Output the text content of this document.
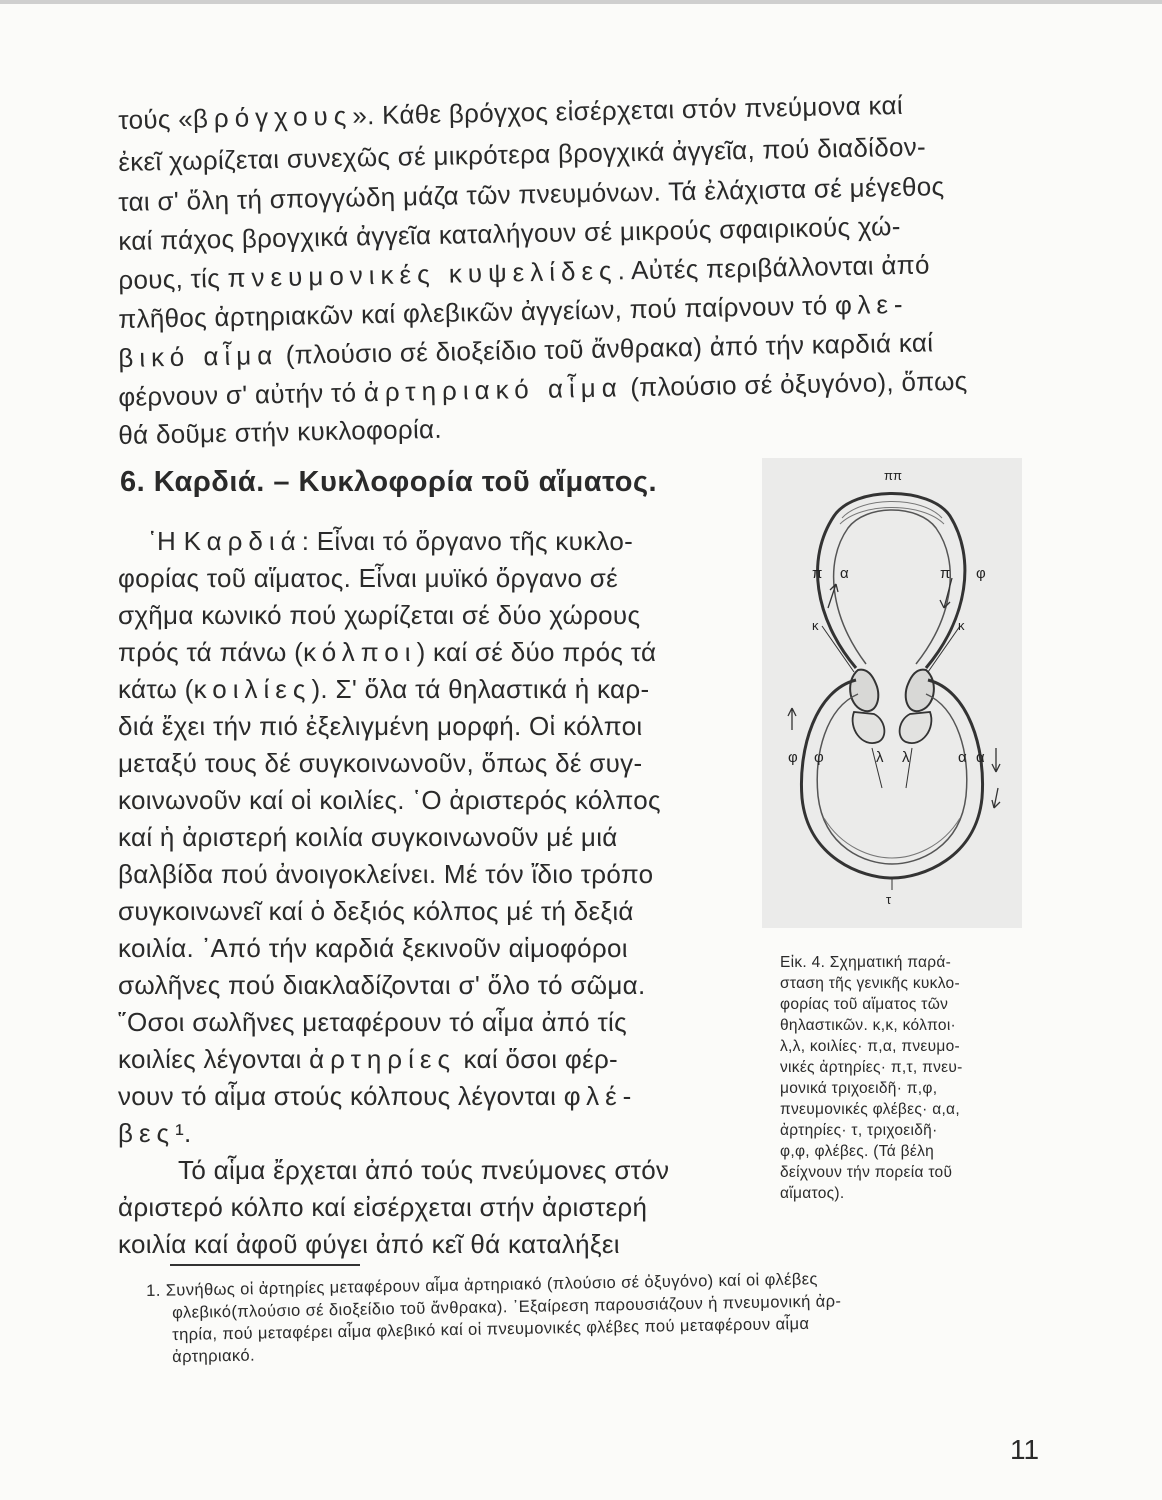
τούς «βρόγχους». Κάθε βρόγχος εἰσέρχεται στόν πνεύμονα καί
ἐκεῖ χωρίζεται συνεχῶς σέ μικρότερα βρογχικά ἀγγεῖα, πού διαδίδον-
ται σ' ὅλη τή σπογγώδη μάζα τῶν πνευμόνων. Τά ἐλάχιστα σέ μέγεθος
καί πάχος βρογχικά ἀγγεῖα καταλήγουν σέ μικρούς σφαιρικούς χώ-
ρους, τίς πνευμονικές κυψελίδες. Αὐτές περιβάλλονται ἀπό
πλῆθος ἀρτηριακῶν καί φλεβικῶν ἀγγείων, πού παίρνουν τό φλε-
βικό αἷμα (πλούσιο σέ διοξείδιο τοῦ ἄνθρακα) ἀπό τήν καρδιά καί
φέρνουν σ' αὐτήν τό ἀρτηριακό αἷμα (πλούσιο σέ ὀξυγόνο), ὅπως
θά δοῦμε στήν κυκλοφορία.
6. Καρδιά. – Κυκλοφορία τοῦ αἵματος.
῾Η Καρδιά: Εἶναι τό ὄργανο τῆς κυκλο-
φορίας τοῦ αἵματος. Εἶναι μυϊκό ὄργανο σέ
σχῆμα κωνικό πού χωρίζεται σέ δύο χώρους
πρός τά πάνω (κόλποι) καί σέ δύο πρός τά
κάτω (κοιλίες). Σ' ὅλα τά θηλαστικά ἡ καρ-
διά ἔχει τήν πιό ἐξελιγμένη μορφή. Οἱ κόλποι
μεταξύ τους δέ συγκοινωνοῦν, ὅπως δέ συγ-
κοινωνοῦν καί οἱ κοιλίες. ῾Ο ἀριστερός κόλπος
καί ἡ ἀριστερή κοιλία συγκοινωνοῦν μέ μιά
βαλβίδα πού ἀνοιγοκλείνει. Μέ τόν ἴδιο τρόπο
συγκοινωνεῖ καί ὁ δεξιός κόλπος μέ τή δεξιά
κοιλία. ᾿Από τήν καρδιά ξεκινοῦν αἱμοφόροι
σωλῆνες πού διακλαδίζονται σ' ὅλο τό σῶμα.
῞Οσοι σωλῆνες μεταφέρουν τό αἷμα ἀπό τίς
κοιλίες λέγονται ἀρτηρίες καί ὅσοι φέρ-
νουν τό αἷμα στούς κόλπους λέγονται φλέ-
βες¹.
Τό αἷμα ἔρχεται ἀπό τούς πνεύμονες στόν
ἀριστερό κόλπο καί εἰσέρχεται στήν ἀριστερή
κοιλία καί ἀφοῦ φύγει ἀπό κεῖ θά καταλήξει
ππ
π α	π φ
κ	κ
φ φ	λ λ	α α
τ
Εἰκ. 4. Σχηματική παρά-
σταση τῆς γενικῆς κυκλο-
φορίας τοῦ αἵματος τῶν
θηλαστικῶν. κ,κ, κόλποι·
λ,λ, κοιλίες· π,α, πνευμο-
νικές ἀρτηρίες· π,τ, πνευ-
μονικά τριχοειδῆ· π,φ,
πνευμονικές φλέβες· α,α,
ἀρτηρίες· τ, τριχοειδῆ·
φ,φ, φλέβες. (Τά βέλη
δείχνουν τήν πορεία τοῦ
αἵματος).
1. Συνήθως οἱ ἀρτηρίες μεταφέρουν αἷμα ἀρτηριακό (πλούσιο σέ ὀξυγόνο) καί οἱ φλέβες
φλεβικό(πλούσιο σέ διοξείδιο τοῦ ἄνθρακα). ᾿Εξαίρεση παρουσιάζουν ἡ πνευμονική ἀρ-
τηρία, πού μεταφέρει αἷμα φλεβικό καί οἱ πνευμονικές φλέβες πού μεταφέρουν αἷμα
ἀρτηριακό.
11
